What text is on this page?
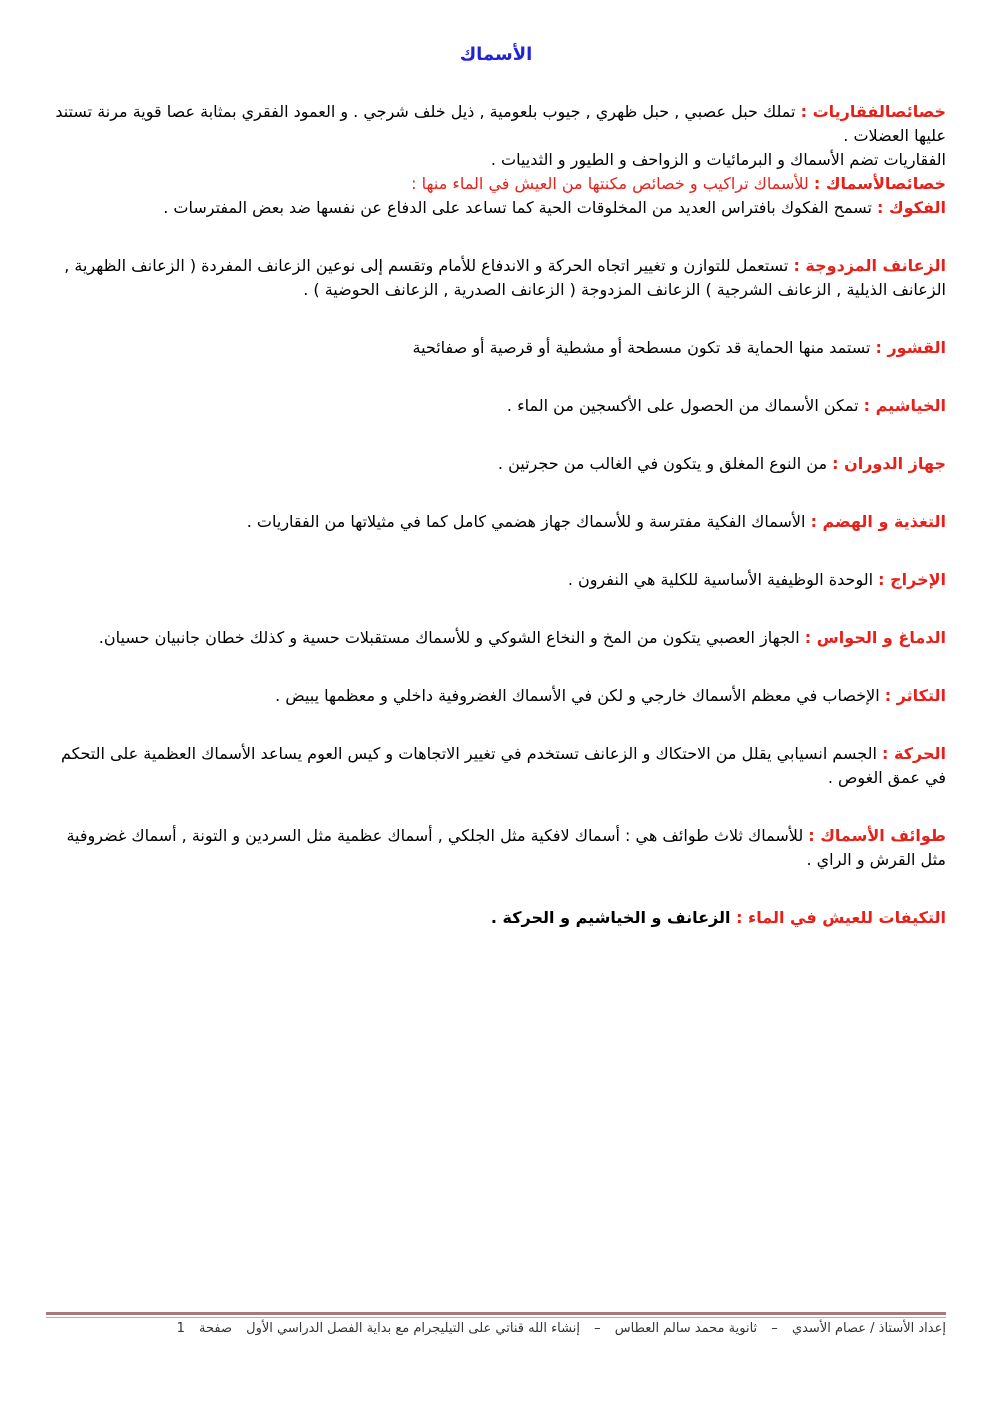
الأسماك

خصائصالفقاريات : تملك حبل عصبي , حبل ظهري , جيوب بلعومية , ذيل خلف شرجي . و العمود الفقري بمثابة عصا قوية مرنة تستند عليها العضلات .
الفقاريات تضم الأسماك و البرمائيات و الزواحف و الطيور و الثدييات .

خصائصالأسماك : للأسماك تراكيب و خصائص مكنتها من العيش في الماء منها :

الفكوك : تسمح الفكوك بافتراس العديد من المخلوقات الحية كما تساعد على الدفاع عن نفسها ضد بعض المفترسات .

الزعانف المزدوجة : تستعمل للتوازن و تغيير اتجاه الحركة و الاندفاع للأمام وتقسم إلى نوعين الزعانف المفردة ( الزعانف الظهرية , الزعانف الذيلية , الزعانف الشرجية ) الزعانف المزدوجة ( الزعانف الصدرية , الزعانف الحوضية ) .

القشور : تستمد منها الحماية قد تكون مسطحة أو مشطية أو قرصية أو صفائحية

الخياشيم : تمكن الأسماك من الحصول على الأكسجين من الماء .

جهاز الدوران : من النوع المغلق و يتكون في الغالب من حجرتين .

التغذية و الهضم : الأسماك الفكية مفترسة و للأسماك جهاز هضمي كامل كما في مثيلاتها من الفقاريات .

الإخراج : الوحدة الوظيفية الأساسية للكلية هي النفرون .

الدماغ و الحواس : الجهاز العصبي يتكون من المخ و النخاع الشوكي و للأسماك مستقبلات حسية و كذلك خطان جانبيان حسيان.

التكاثر : الإخصاب في معظم الأسماك خارجي و لكن في الأسماك الغضروفية داخلي و معظمها يبيض .

الحركة : الجسم انسيابي يقلل من الاحتكاك و الزعانف تستخدم في تغيير الاتجاهات و كيس العوم يساعد الأسماك العظمية على التحكم في عمق الغوص .

طوائف الأسماك : للأسماك ثلاث طوائف هي : أسماك لافكية مثل الجلكي , أسماك عظمية مثل السردين و التونة , أسماك غضروفية مثل القرش و الراي .

التكيفات للعيش في الماء : الزعانف و الخياشيم و الحركة .

إعداد الأستاذ / عصام الأسدي – ثانوية محمد سالم العطاس – إنشاء الله قناتي على التيليجرام مع بداية الفصل الدراسي الأول صفحة 1
